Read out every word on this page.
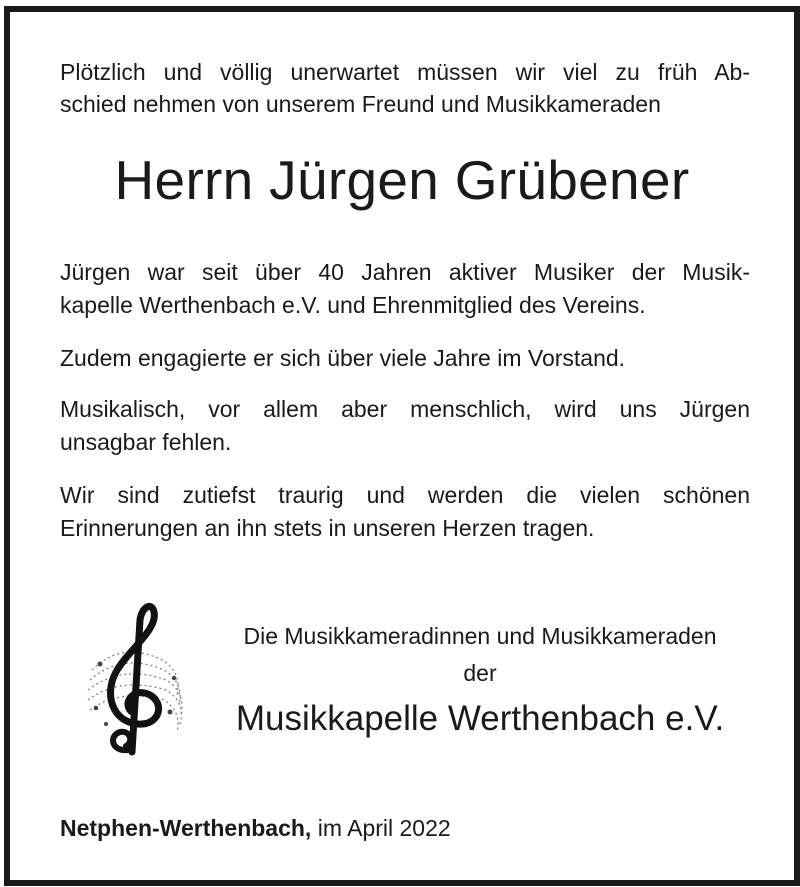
Plötzlich und völlig unerwartet müssen wir viel zu früh Ab-
schied nehmen von unserem Freund und Musikkameraden
Herrn Jürgen Grübener
Jürgen war seit über 40 Jahren aktiver Musiker der Musik-
kapelle Werthenbach e.V. und Ehrenmitglied des Vereins.
Zudem engagierte er sich über viele Jahre im Vorstand.
Musikalisch, vor allem aber menschlich, wird uns Jürgen
unsagbar fehlen.
Wir sind zutiefst traurig und werden die vielen schönen
Erinnerungen an ihn stets in unseren Herzen tragen.
Die Musikkameradinnen und Musikkameraden
der
Musikkapelle Werthenbach e.V.
Netphen-Werthenbach, im April 2022
